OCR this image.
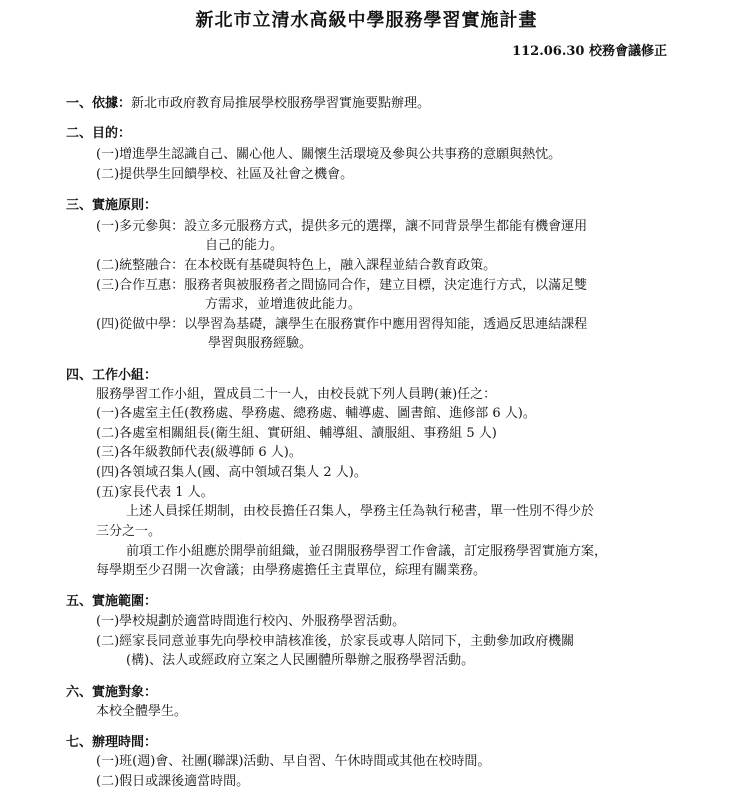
新北市立清水高級中學服務學習實施計畫
112.06.30 校務會議修正
一、依據：新北市政府教育局推展學校服務學習實施要點辦理。
二、目的：
(一)增進學生認識自己、關心他人、關懷生活環境及參與公共事務的意願與熱忱。
(二)提供學生回饋學校、社區及社會之機會。
三、實施原則：
(一)多元參與：設立多元服務方式，提供多元的選擇，讓不同背景學生都能有機會運用
自己的能力。
(二)統整融合：在本校既有基礎與特色上，融入課程並結合教育政策。
(三)合作互惠：服務者與被服務者之間協同合作，建立目標，決定進行方式，以滿足雙
方需求，並增進彼此能力。
(四)從做中學：以學習為基礎，讓學生在服務實作中應用習得知能，透過反思連結課程
學習與服務經驗。
四、工作小組：
服務學習工作小組，置成員二十一人，由校長就下列人員聘(兼)任之：
(一)各處室主任(教務處、學務處、總務處、輔導處、圖書館、進修部 6 人)。
(二)各處室相關組長(衛生組、實研組、輔導組、讀服組、事務組 5 人)
(三)各年級教師代表(級導師 6 人)。
(四)各領域召集人(國、高中領域召集人 2 人)。
(五)家長代表 1 人。
上述人員採任期制，由校長擔任召集人，學務主任為執行秘書，單一性別不得少於
三分之一。
前項工作小組應於開學前組織，並召開服務學習工作會議，訂定服務學習實施方案，
每學期至少召開一次會議；由學務處擔任主責單位，綜理有關業務。
五、實施範圍：
(一)學校規劃於適當時間進行校內、外服務學習活動。
(二)經家長同意並事先向學校申請核准後，於家長或專人陪同下，主動參加政府機關
(構)、法人或經政府立案之人民團體所舉辦之服務學習活動。
六、實施對象：
本校全體學生。
七、辦理時間：
(一)班(週)會、社團(聯課)活動、早自習、午休時間或其他在校時間。
(二)假日或課後適當時間。
